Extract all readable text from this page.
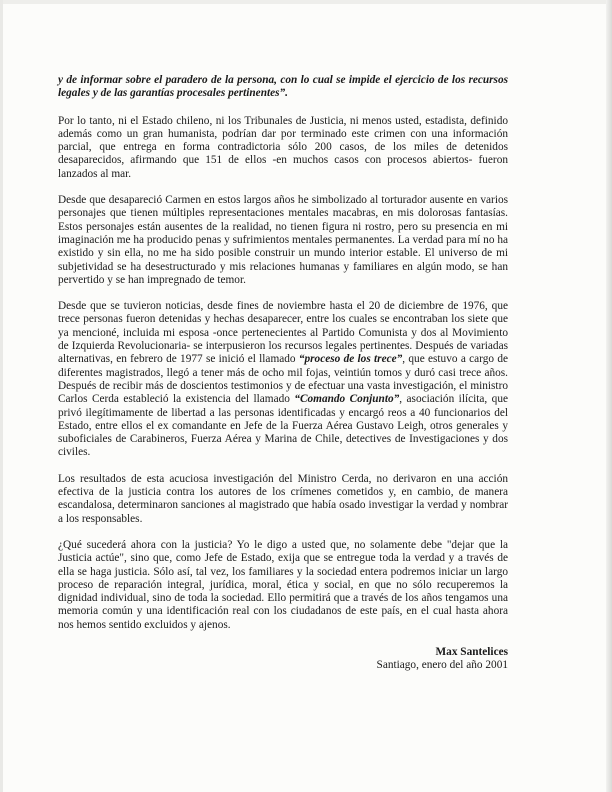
y de informar sobre el paradero de la persona, con lo cual se impide el ejercicio de los recursos legales y de las garantías procesales pertinentes”.

Por lo tanto, ni el Estado chileno, ni los Tribunales de Justicia, ni menos usted, estadista, definido además como un gran humanista, podrían dar por terminado este crimen con una información parcial, que entrega en forma contradictoria sólo 200 casos, de los miles de detenidos desaparecidos, afirmando que 151 de ellos -en muchos casos con procesos abiertos- fueron lanzados al mar.

Desde que desapareció Carmen en estos largos años he simbolizado al torturador ausente en varios personajes que tienen múltiples representaciones mentales macabras, en mis dolorosas fantasías. Estos personajes están ausentes de la realidad, no tienen figura ni rostro, pero su presencia en mi imaginación me ha producido penas y sufrimientos mentales permanentes. La verdad para mí no ha existido y sin ella, no me ha sido posible construir un mundo interior estable. El universo de mi subjetividad se ha desestructurado y mis relaciones humanas y familiares en algún modo, se han pervertido y se han impregnado de temor.

Desde que se tuvieron noticias, desde fines de noviembre hasta el 20 de diciembre de 1976, que trece personas fueron detenidas y hechas desaparecer, entre los cuales se encontraban los siete que ya mencioné, incluida mi esposa -once pertenecientes al Partido Comunista y dos al Movimiento de Izquierda Revolucionaria- se interpusieron los recursos legales pertinentes. Después de variadas alternativas, en febrero de 1977 se inició el llamado “proceso de los trece”, que estuvo a cargo de diferentes magistrados, llegó a tener más de ocho mil fojas, veintiún tomos y duró casi trece años. Después de recibir más de doscientos testimonios y de efectuar una vasta investigación, el ministro Carlos Cerda estableció la existencia del llamado “Comando Conjunto”, asociación ilícita, que privó ilegítimamente de libertad a las personas identificadas y encargó reos a 40 funcionarios del Estado, entre ellos el ex comandante en Jefe de la Fuerza Aérea Gustavo Leigh, otros generales y suboficiales de Carabineros, Fuerza Aérea y Marina de Chile, detectives de Investigaciones y dos civiles.

Los resultados de esta acuciosa investigación del Ministro Cerda, no derivaron en una acción efectiva de la justicia contra los autores de los crímenes cometidos y, en cambio, de manera escandalosa, determinaron sanciones al magistrado que había osado investigar la verdad y nombrar a los responsables.

¿Qué sucederá ahora con la justicia? Yo le digo a usted que, no solamente debe "dejar que la Justicia actúe", sino que, como Jefe de Estado, exija que se entregue toda la verdad y a través de ella se haga justicia. Sólo así, tal vez, los familiares y la sociedad entera podremos iniciar un largo proceso de reparación integral, jurídica, moral, ética y social, en que no sólo recuperemos la dignidad individual, sino de toda la sociedad. Ello permitirá que a través de los años tengamos una memoria común y una identificación real con los ciudadanos de este país, en el cual hasta ahora nos hemos sentido excluidos y ajenos.

Max Santelices
Santiago, enero del año 2001
